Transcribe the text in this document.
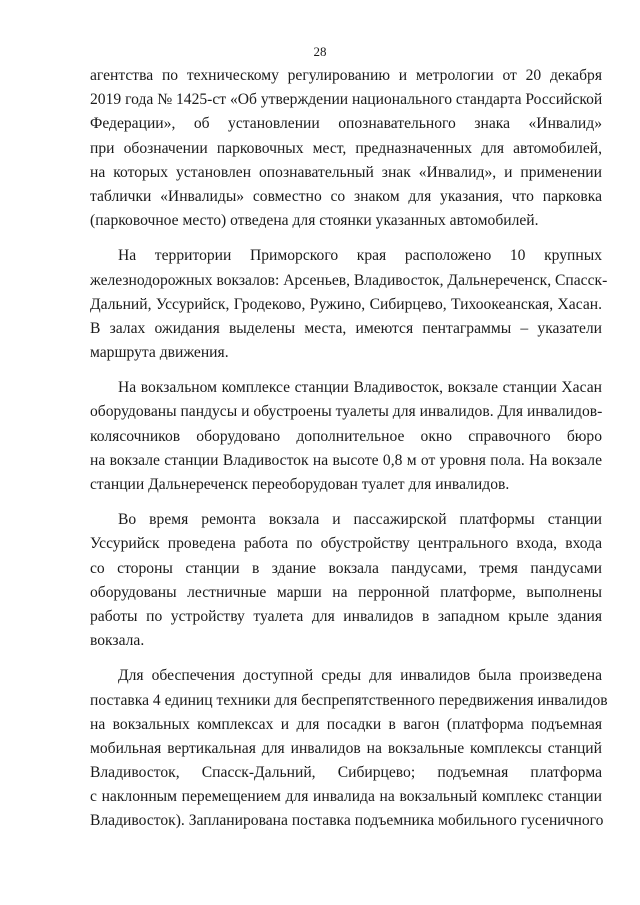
28
агентства по техническому регулированию и метрологии от 20 декабря
2019 года № 1425-ст «Об утверждении национального стандарта Российской
Федерации», об установлении опознавательного знака «Инвалид»
при обозначении парковочных мест, предназначенных для автомобилей,
на которых установлен опознавательный знак «Инвалид», и применении
таблички «Инвалиды» совместно со знаком для указания, что парковка
(парковочное место) отведена для стоянки указанных автомобилей.
На территории Приморского края расположено 10 крупных
железнодорожных вокзалов: Арсеньев, Владивосток, Дальнереченск, Спасск-
Дальний, Уссурийск, Гродеково, Ружино, Сибирцево, Тихоокеанская, Хасан.
В залах ожидания выделены места, имеются пентаграммы – указатели
маршрута движения.
На вокзальном комплексе станции Владивосток, вокзале станции Хасан
оборудованы пандусы и обустроены туалеты для инвалидов. Для инвалидов-
колясочников оборудовано дополнительное окно справочного бюро
на вокзале станции Владивосток на высоте 0,8 м от уровня пола. На вокзале
станции Дальнереченск переоборудован туалет для инвалидов.
Во время ремонта вокзала и пассажирской платформы станции
Уссурийск проведена работа по обустройству центрального входа, входа
со стороны станции в здание вокзала пандусами, тремя пандусами
оборудованы лестничные марши на перронной платформе, выполнены
работы по устройству туалета для инвалидов в западном крыле здания
вокзала.
Для обеспечения доступной среды для инвалидов была произведена
поставка 4 единиц техники для беспрепятственного передвижения инвалидов
на вокзальных комплексах и для посадки в вагон (платформа подъемная
мобильная вертикальная для инвалидов на вокзальные комплексы станций
Владивосток, Спасск-Дальний, Сибирцево; подъемная платформа
с наклонным перемещением для инвалида на вокзальный комплекс станции
Владивосток). Запланирована поставка подъемника мобильного гусеничного
